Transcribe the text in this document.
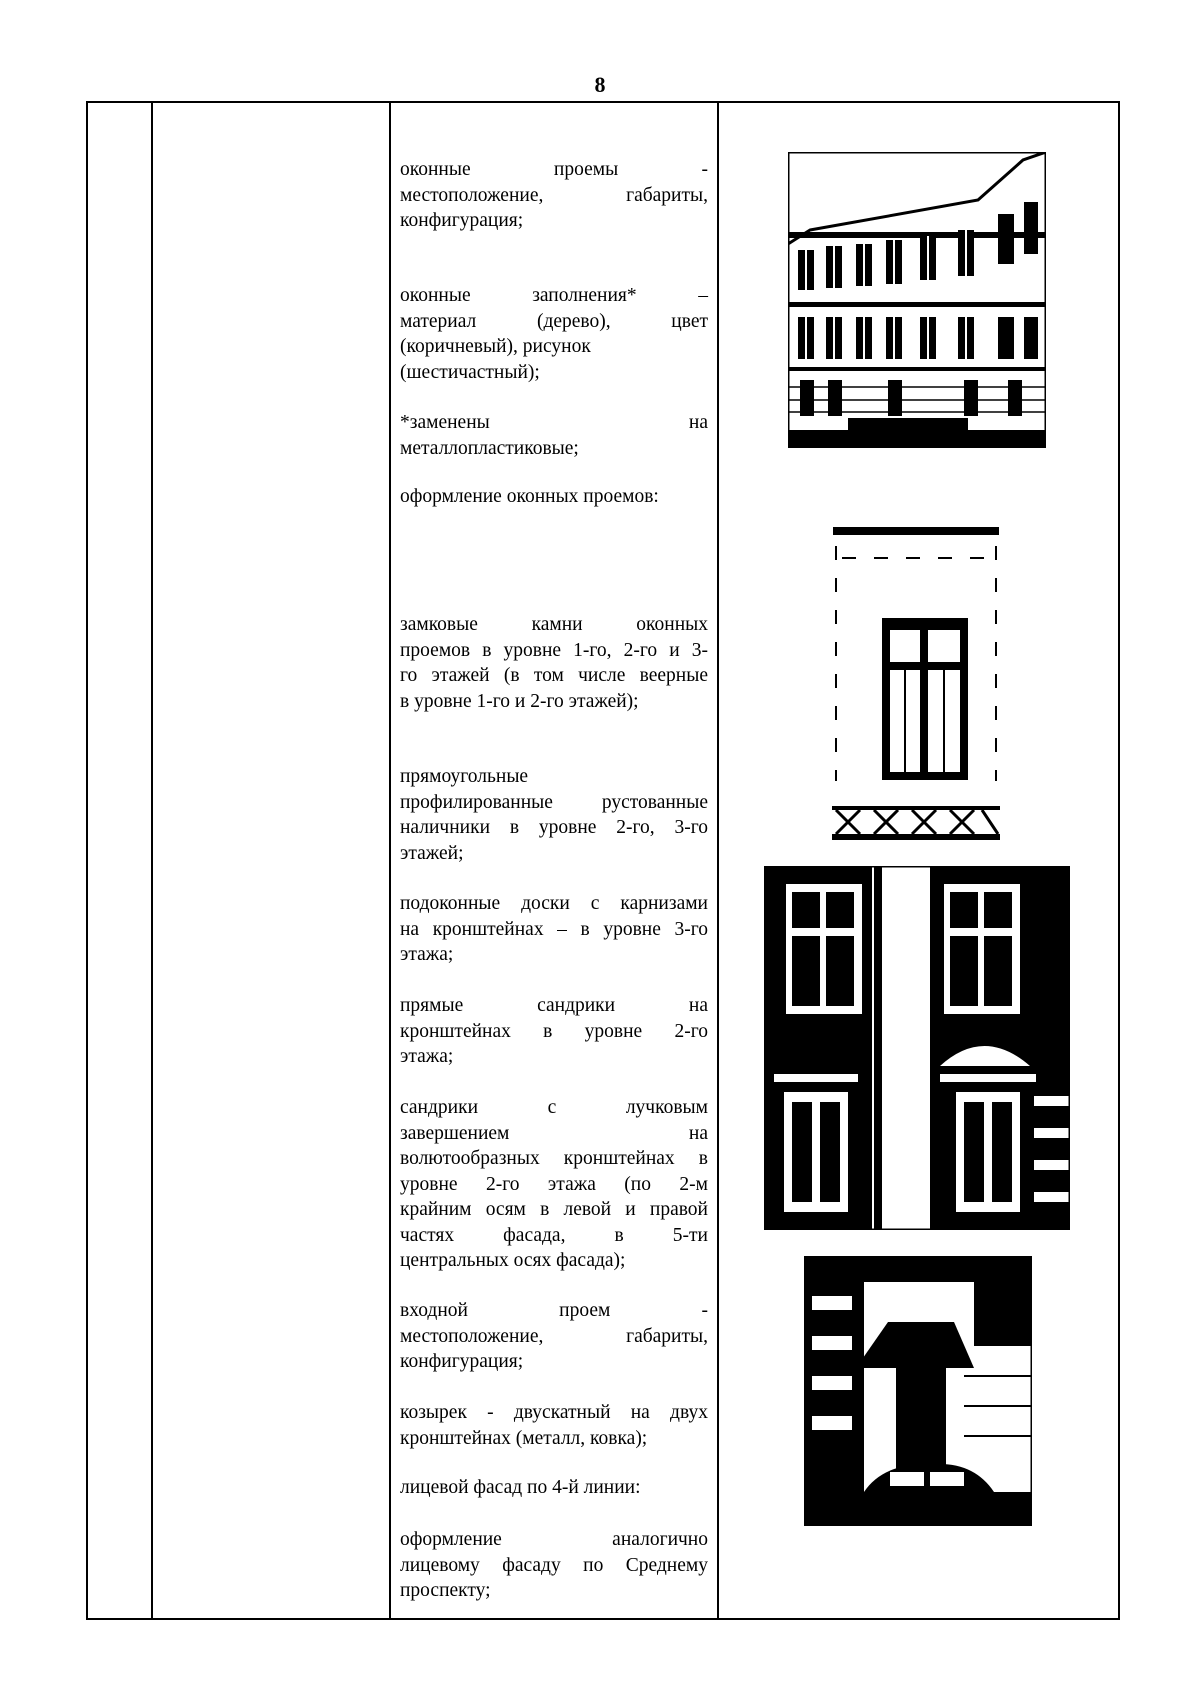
8
оконные проемы -
местоположение, габариты,
конфигурация;
оконные заполнения* –
материал (дерево), цвет
(коричневый), рисунок
(шестичастный);
*заменены на
металлопластиковые;
оформление оконных проемов:
замковые камни оконных
проемов в уровне 1-го, 2-го и 3-
го этажей (в том числе веерные
в уровне 1-го и 2-го этажей);
прямоугольные
профилированные рустованные
наличники в уровне 2-го, 3-го
этажей;
подоконные доски с карнизами
на кронштейнах – в уровне 3-го
этажа;
прямые сандрики на
кронштейнах в уровне 2-го
этажа;
сандрики с лучковым
завершением на
волютообразных кронштейнах в
уровне 2-го этажа (по 2-м
крайним осям в левой и правой
частях фасада, в 5-ти
центральных осях фасада);
входной проем -
местоположение, габариты,
конфигурация;
козырек - двускатный на двух
кронштейнах (металл, ковка);
лицевой фасад по 4-й линии:
оформление аналогично
лицевому фасаду по Среднему
проспекту;
